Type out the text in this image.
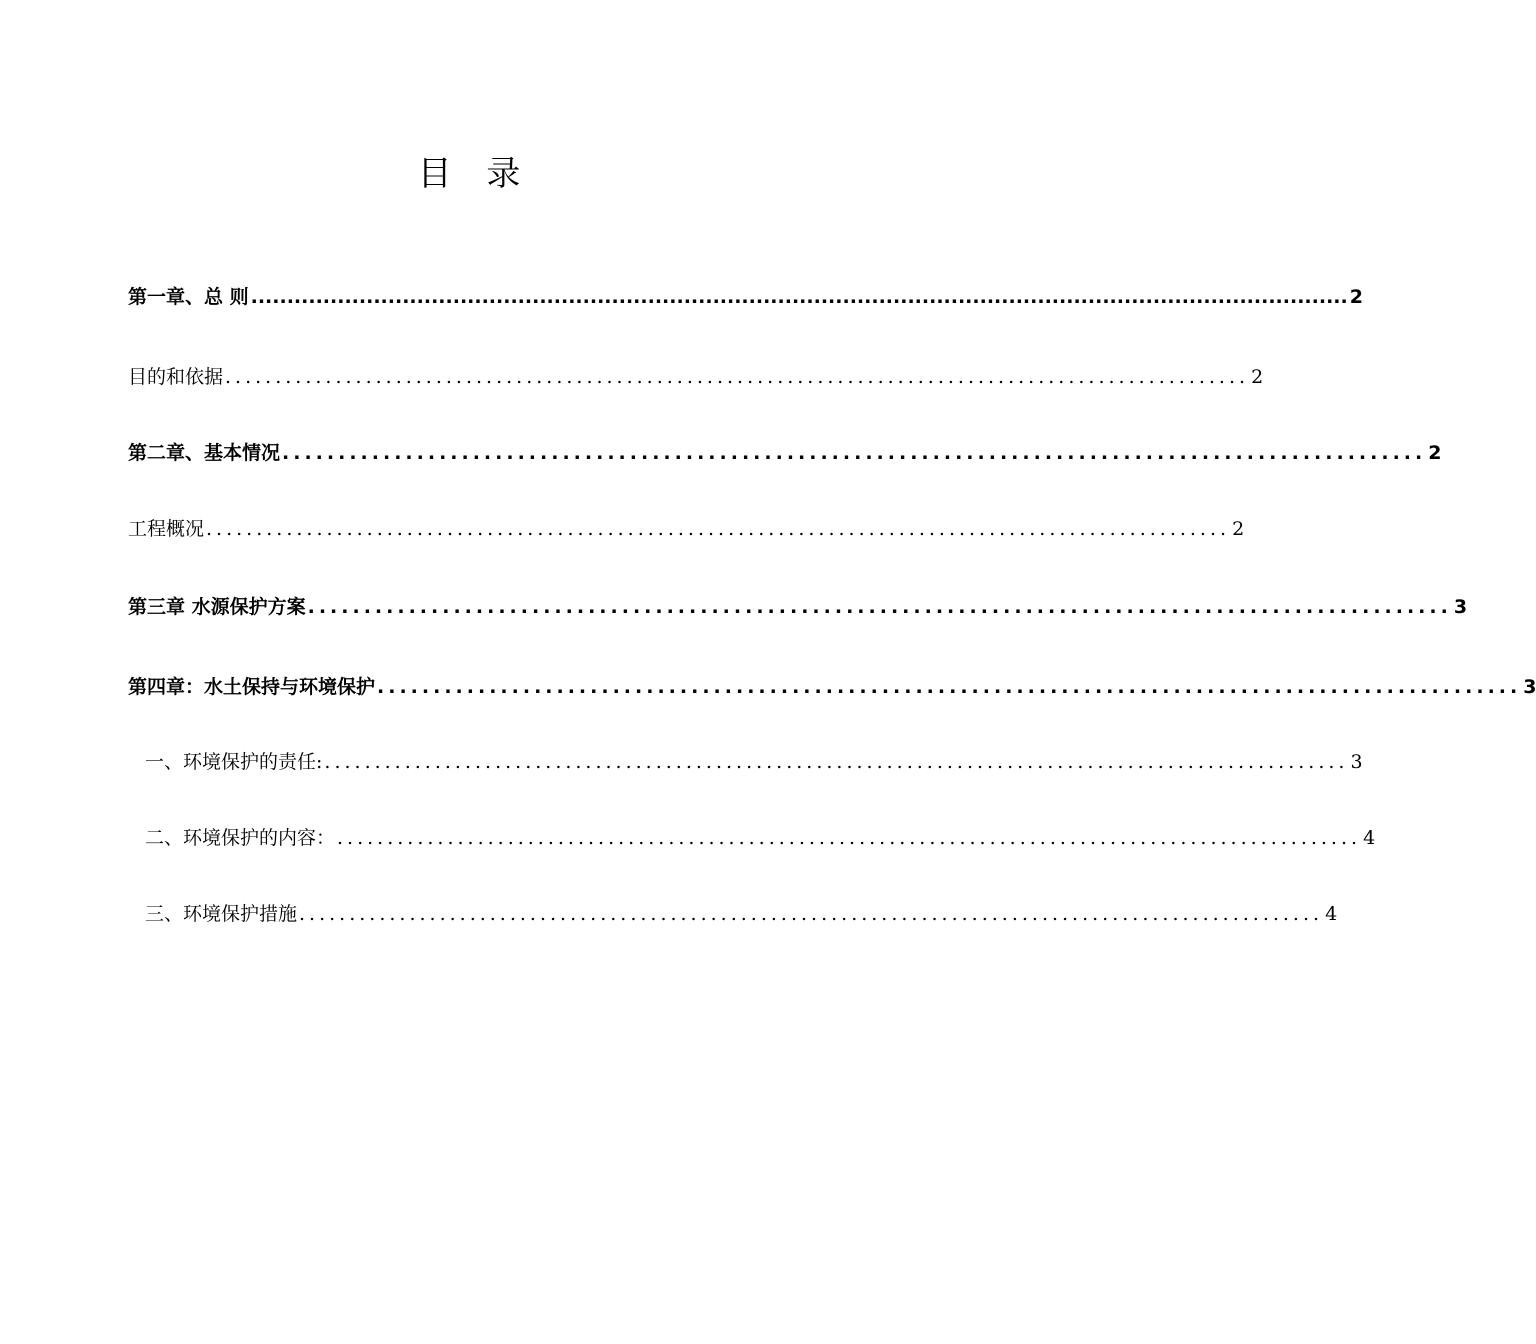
目 录
第一章、总 则 ........................................................................................................................................................ 2
目的和依据 ...................................................................................................... 2
第二章、基本情况 ...................................................................................................... 2
工程概况 ...................................................................................................... 2
第三章 水源保护方案 ...................................................................................................... 3
第四章：水土保持与环境保护 ...................................................................................................... 3
一、环境保护的责任: ...................................................................................................... 3
二、环境保护的内容： ...................................................................................................... 4
三、环境保护措施 ...................................................................................................... 4
